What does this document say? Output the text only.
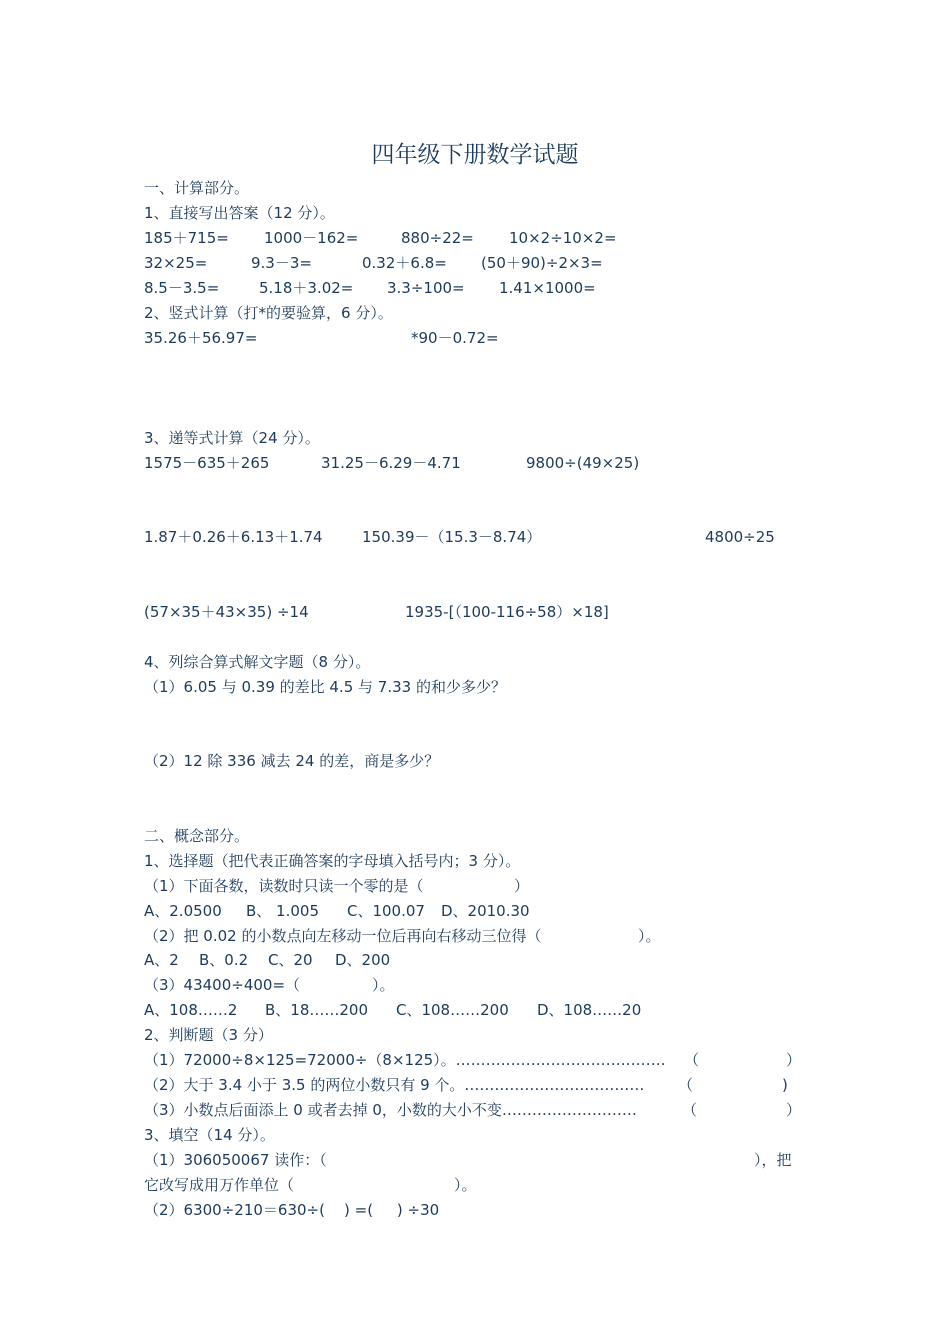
四年级下册数学试题
一、计算部分。
1、直接写出答案（12 分）。
185＋715= 1000－162=	880÷22= 10×2÷10×2=
32×25=	9.3－3=	0.32＋6.8= (50＋90)÷2×3=
8.5－3.5=	5.18＋3.02= 3.3÷100= 1.41×1000=
2、竖式计算（打*的要验算，6 分）。
35.26＋56.97=	*90－0.72=
3、递等式计算（24 分）。
1575－635＋265	31.25－6.29－4.71	9800÷(49×25)
1.87＋0.26＋6.13＋1.74	150.39－（15.3－8.74）	4800÷25
(57×35＋43×35) ÷14	1935-[（100-116÷58）×18]
4、列综合算式解文字题（8 分）。
（1）6.05 与 0.39 的差比 4.5 与 7.33 的和少多少？
（2）12 除 336 减去 24 的差，商是多少？
二、概念部分。
1、选择题（把代表正确答案的字母填入括号内；3 分）。
（1）下面各数，读数时只读一个零的是（	）
A、2.0500 B、 1.005 C、100.07 D、2010.30
（2）把 0.02 的小数点向左移动一位后再向右移动三位得（	）。
A、2 B、0.2 C、20 D、200
（3）43400÷400=（	）。
A、108……2 B、18……200 C、108……200 D、108……20
2、判断题（3 分）
（1）72000÷8×125=72000÷（8×125）。…………………………………… （	）
（2）大于 3.4 小于 3.5 的两位小数只有 9 个。……………………………… （	)
（3）小数点后面添上 0 或者去掉 0，小数的大小不变………………………	（	）
3、填空（14 分）。
（1）306050067 读作：（	），把
它改写成用万作单位（	）。
（2）6300÷210＝630÷(    ) =(     ) ÷30
